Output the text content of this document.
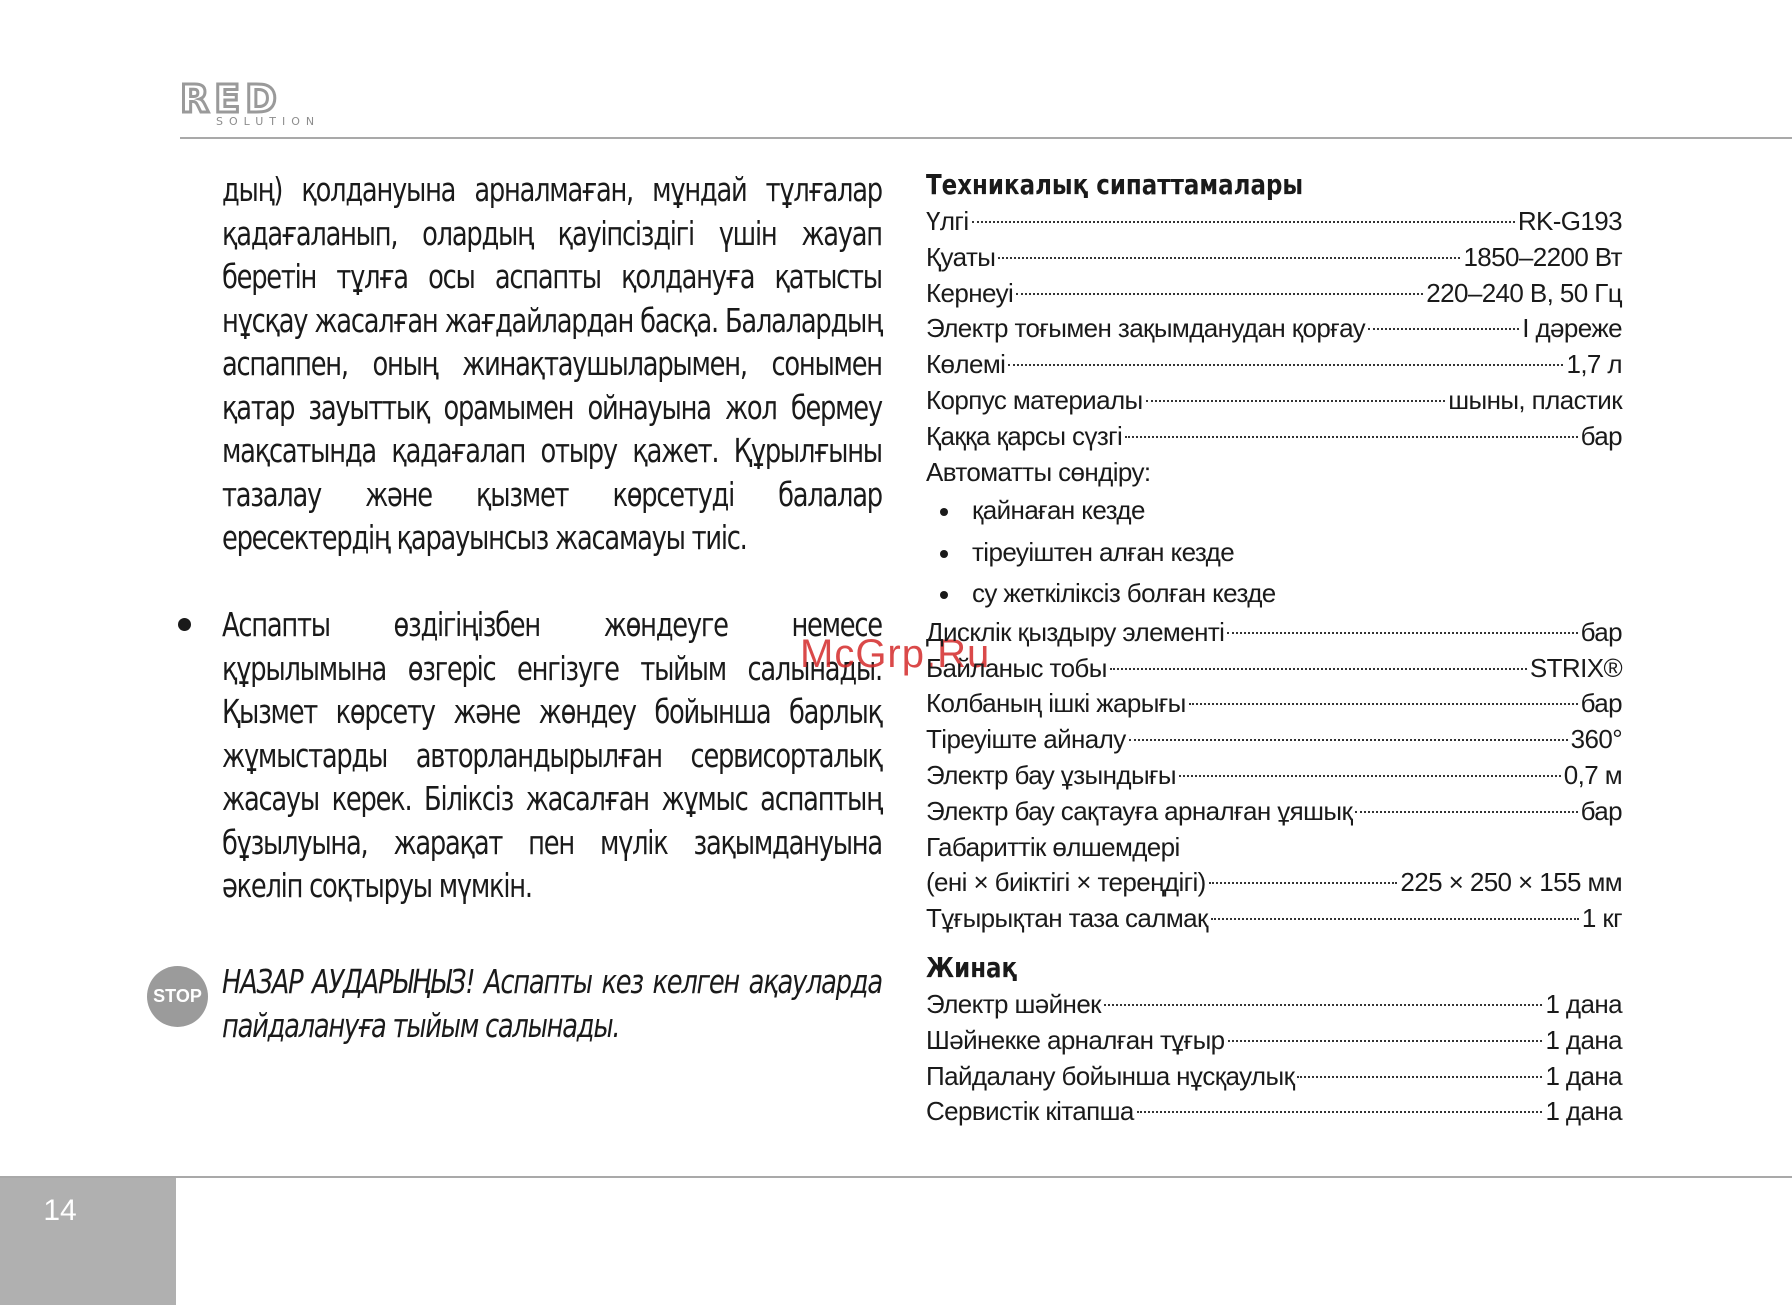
RED
SOLUTION

дың) қолдануына арналмаған, мұндай тұлғалар қадағаланып, олардың қауіпсіздігі үшін жауап беретін тұлға осы аспапты қолдануға қатысты нұсқау жасалған жағдайлардан басқа. Балалардың аспаппен, оның жинақтаушыларымен, сонымен қатар зауыттық орамымен ойнауына жол бермеу мақсатында қадағалап отыру қажет. Құрылғыны тазалау және қызмет көрсетуді балалар ересектердің қарауынсыз жасамауы тиіс.

Аспапты өздігіңізбен жөндеуге немесе құрылымына өзгеріс енгізуге тыйым салынады. Қызмет көрсету және жөндеу бойынша барлық жұмыстарды авторландырылған сервисорталық жасауы керек. Біліксіз жасалған жұмыс аспаптың бұзылуына, жарақат пен мүлік зақымдануына әкеліп соқтыруы мүмкін.

STOP НАЗАР АУДАРЫҢЫЗ! Аспапты кез келген ақауларда пайдалануға тыйым салынады.

McGrp.Ru
Техникалық сипаттамалары
Үлгі	RK-G193
Қуаты	1850–2200 Вт
Кернеуі	220–240 В, 50 Гц
Электр тоғымен зақымданудан қорғау	I дәреже
Көлемі	1,7 л
Корпус материалы	шыны, пластик
Қаққа қарсы сүзгі	бар
Автоматты сөндіру:
қайнаған кезде
тіреуіштен алған кезде
су жеткіліксіз болған кезде
Дисклік қыздыру элементі	бар
Байланыс тобы	STRIX®
Колбаның ішкі жарығы	бар
Тіреуіште айналу	360°
Электр бау ұзындығы	0,7 м
Электр бау сақтауға арналған ұяшық	бар
Габариттік өлшемдері
(ені × биіктігі × тереңдігі)	225 × 250 × 155 мм
Тұғырықтан таза салмақ	1 кг
Жинақ
Электр шәйнек	1 дана
Шәйнекке арналған тұғыр	1 дана
Пайдалану бойынша нұсқаулық	1 дана
Сервистік кітапша	1 дана
14
